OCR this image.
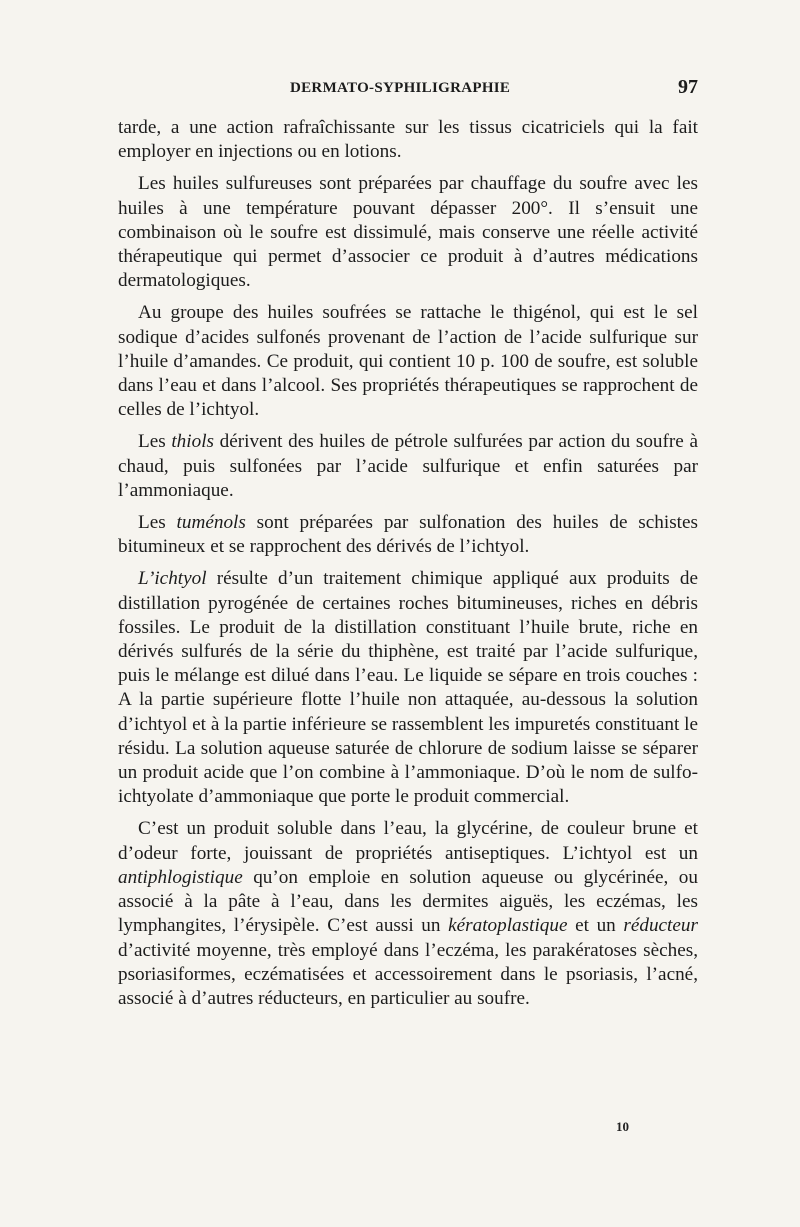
DERMATO-SYPHILIGRAPHIE	97

tarde, a une action rafraîchissante sur les tissus cicatriciels qui la fait employer en injections ou en lotions.

Les huiles sulfureuses sont préparées par chauffage du soufre avec les huiles à une température pouvant dépasser 200°. Il s’ensuit une combinaison où le soufre est dissimulé, mais conserve une réelle activité thérapeutique qui permet d’associer ce produit à d’autres médications dermatologiques.

Au groupe des huiles soufrées se rattache le thigénol, qui est le sel sodique d’acides sulfonés provenant de l’action de l’acide sulfurique sur l’huile d’amandes. Ce produit, qui contient 10 p. 100 de soufre, est soluble dans l’eau et dans l’alcool. Ses propriétés thérapeutiques se rapprochent de celles de l’ichtyol.

Les thiols dérivent des huiles de pétrole sulfurées par action du soufre à chaud, puis sulfonées par l’acide sulfurique et enfin saturées par l’ammoniaque.

Les tuménols sont préparées par sulfonation des huiles de schistes bitumineux et se rapprochent des dérivés de l’ichtyol.

L’ichtyol résulte d’un traitement chimique appliqué aux produits de distillation pyrogénée de certaines roches bitumineuses, riches en débris fossiles. Le produit de la distillation constituant l’huile brute, riche en dérivés sulfurés de la série du thiphène, est traité par l’acide sulfurique, puis le mélange est dilué dans l’eau. Le liquide se sépare en trois couches : A la partie supérieure flotte l’huile non attaquée, au-dessous la solution d’ichtyol et à la partie inférieure se rassemblent les impuretés constituant le résidu. La solution aqueuse saturée de chlorure de sodium laisse se séparer un produit acide que l’on combine à l’ammoniaque. D’où le nom de sulfo-ichtyolate d’ammoniaque que porte le produit commercial.

C’est un produit soluble dans l’eau, la glycérine, de couleur brune et d’odeur forte, jouissant de propriétés antiseptiques. L’ichtyol est un antiphlogistique qu’on emploie en solution aqueuse ou glycérinée, ou associé à la pâte à l’eau, dans les dermites aiguës, les eczémas, les lymphangites, l’érysipèle. C’est aussi un kératoplastique et un réducteur d’activité moyenne, très employé dans l’eczéma, les parakératoses sèches, psoriasiformes, eczématisées et accessoirement dans le psoriasis, l’acné, associé à d’autres réducteurs, en particulier au soufre.

10
